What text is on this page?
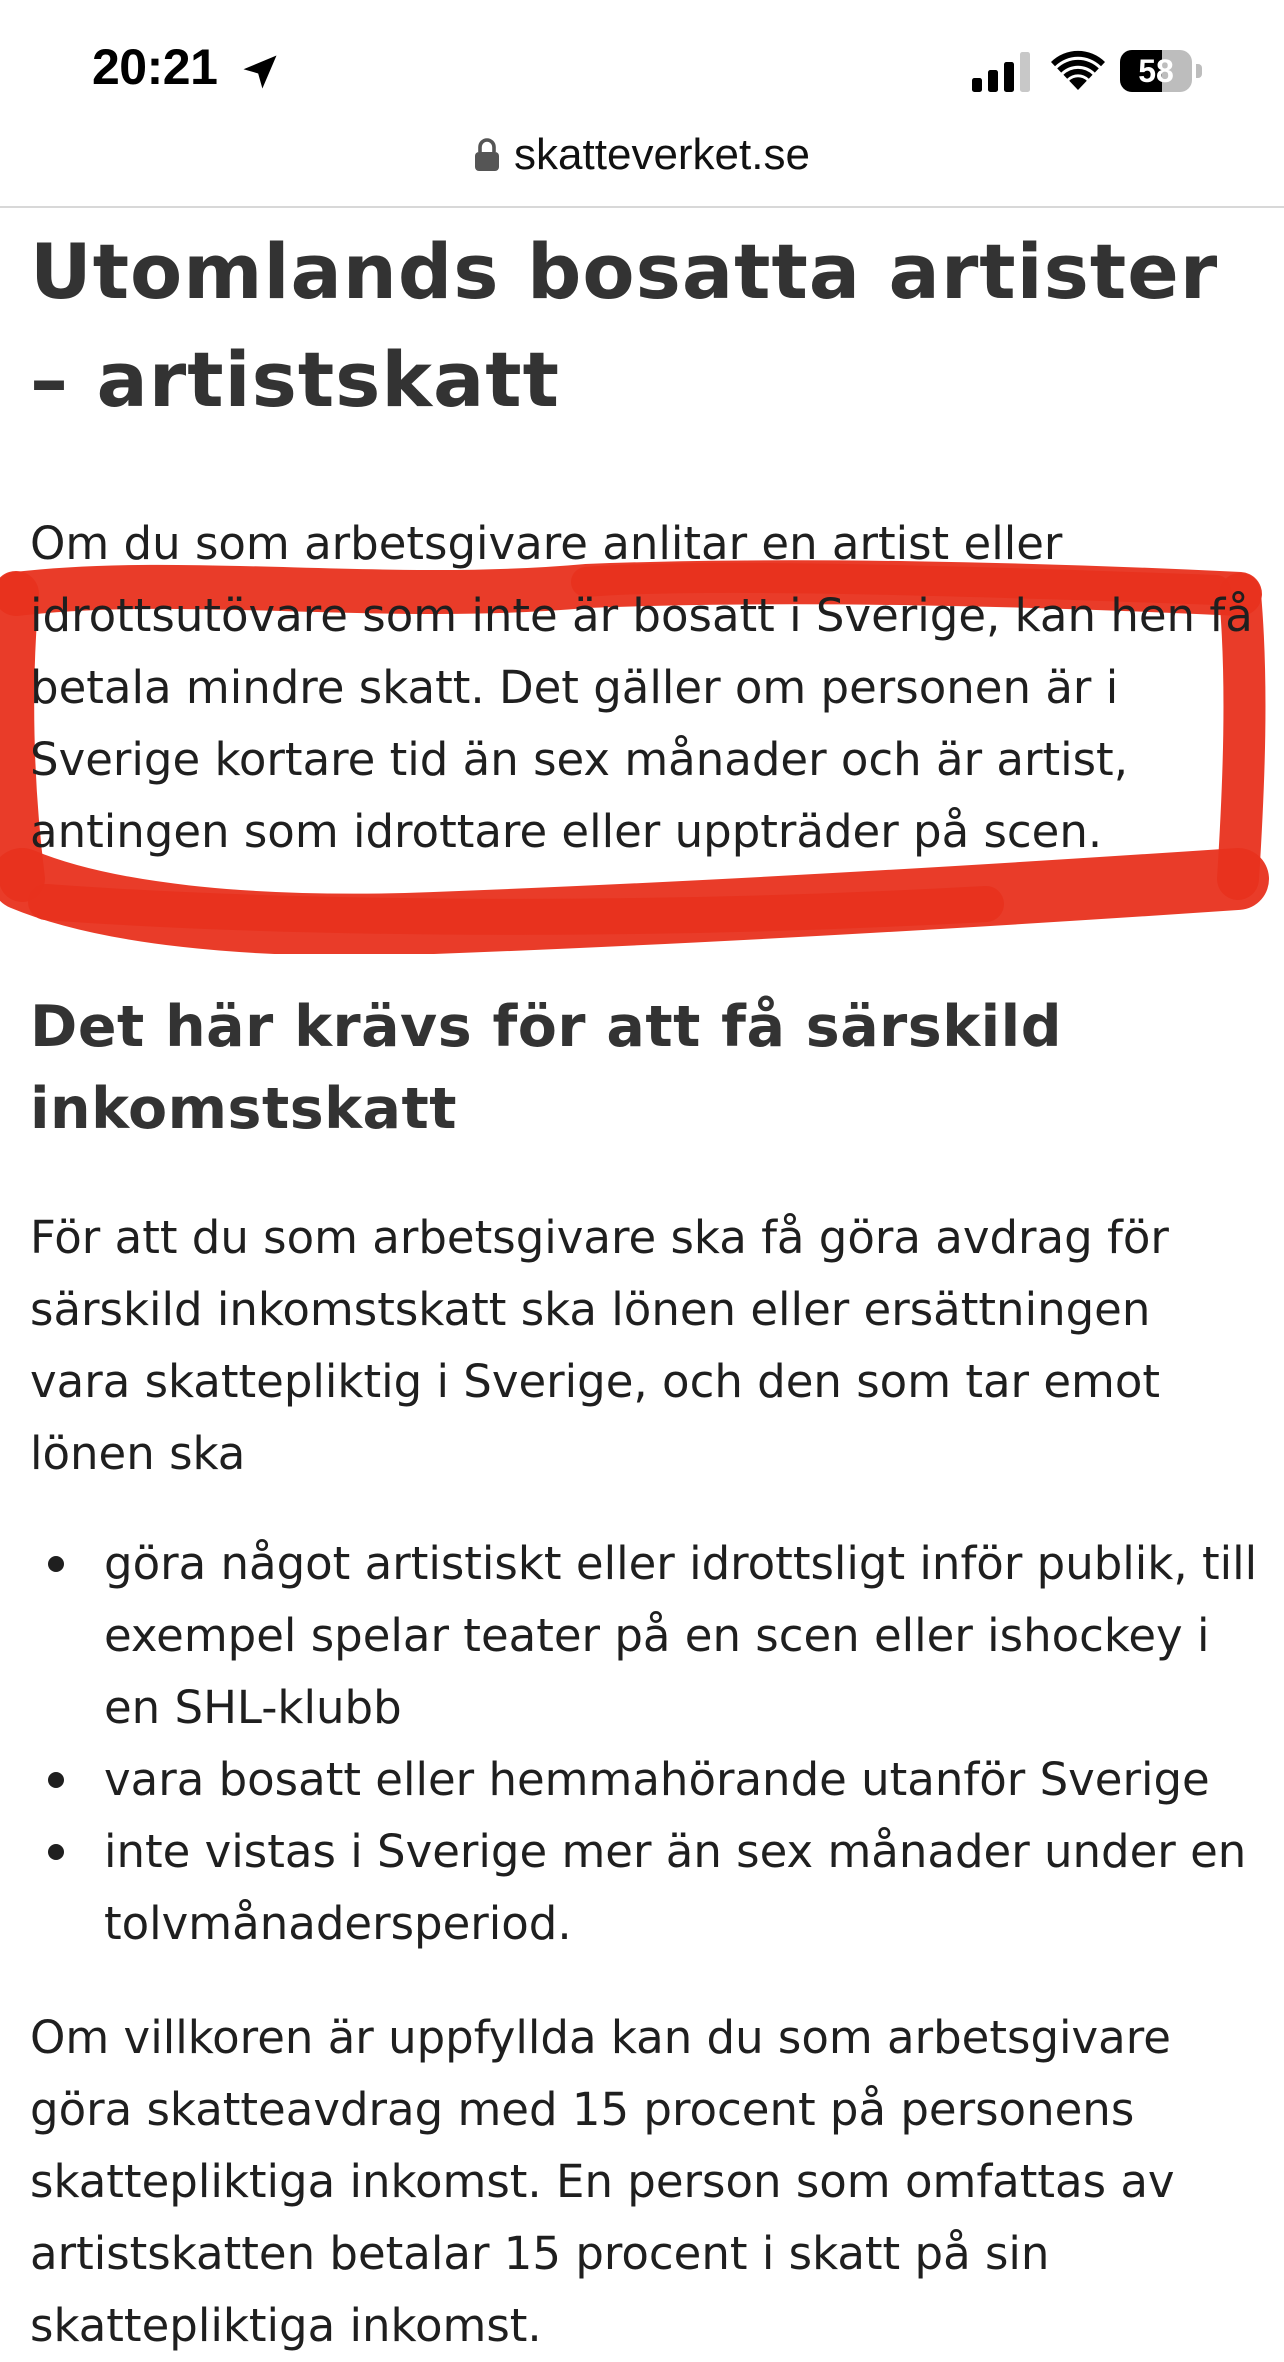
20:21	58
skatteverket.se
Utomlands bosatta artister – artistskatt

Om du som arbetsgivare anlitar en artist eller idrottsutövare som inte är bosatt i Sverige, kan hen få betala mindre skatt. Det gäller om personen är i Sverige kortare tid än sex månader och är artist, antingen som idrottare eller uppträder på scen.

Det här krävs för att få särskild inkomstskatt

För att du som arbetsgivare ska få göra avdrag för särskild inkomstskatt ska lönen eller ersättningen vara skattepliktig i Sverige, och den som tar emot lönen ska

göra något artistiskt eller idrottsligt inför publik, till exempel spelar teater på en scen eller ishockey i en SHL-klubb
vara bosatt eller hemmahörande utanför Sverige
inte vistas i Sverige mer än sex månader under en tolvmånadersperiod.

Om villkoren är uppfyllda kan du som arbetsgivare göra skatteavdrag med 15 procent på personens skattepliktiga inkomst. En person som omfattas av artistskatten betalar 15 procent i skatt på sin skattepliktiga inkomst.
